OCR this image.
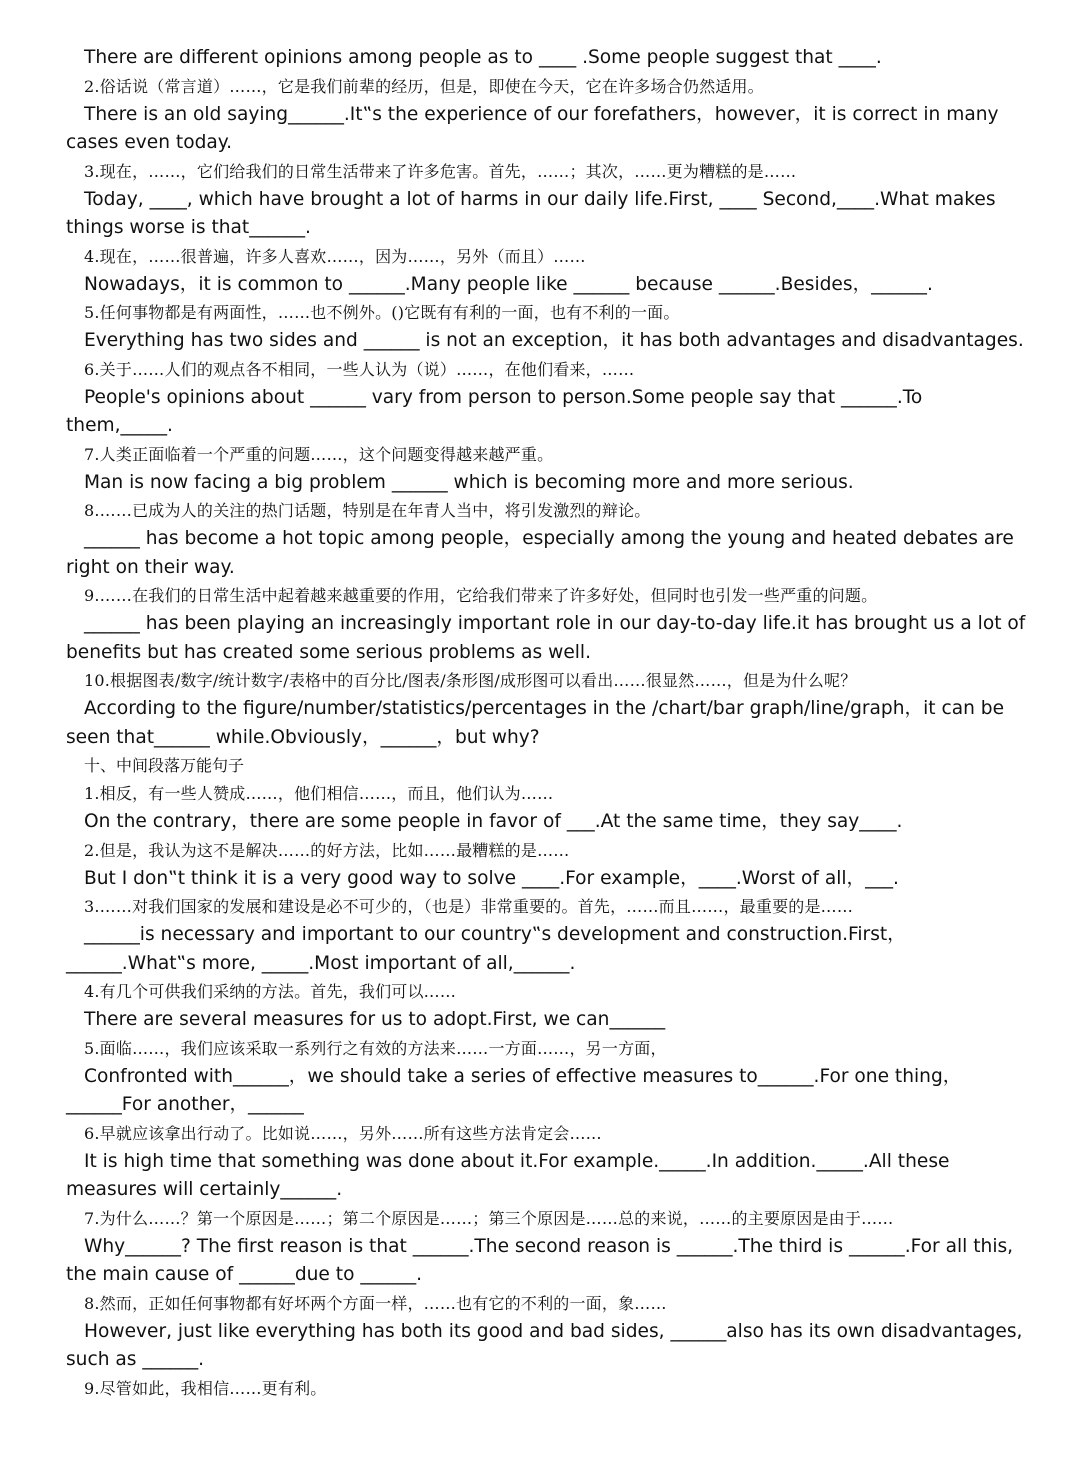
There are different opinions among people as to ____ .Some people suggest that ____.

2.俗话说（常言道）……，它是我们前辈的经历，但是，即使在今天，它在许多场合仍然适用。

There is an old saying______.It‟s the experience of our forefathers，however，it is correct in many cases even today.

3.现在，……，它们给我们的日常生活带来了许多危害。首先，……；其次，……更为糟糕的是……

Today, ____, which have brought a lot of harms in our daily life.First, ____ Second,____.What makes things worse is that______.

4.现在，……很普遍，许多人喜欢……，因为……，另外（而且）……

Nowadays，it is common to ______.Many people like ______ because ______.Besides，______.

5.任何事物都是有两面性，……也不例外。()它既有有利的一面，也有不利的一面。

Everything has two sides and ______ is not an exception，it has both advantages and disadvantages.

6.关于……人们的观点各不相同，一些人认为（说）……，在他们看来，……

People's opinions about ______ vary from person to person.Some people say that ______.To them,_____.

7.人类正面临着一个严重的问题……，这个问题变得越来越严重。

Man is now facing a big problem ______ which is becoming more and more serious.

8.……已成为人的关注的热门话题，特别是在年青人当中，将引发激烈的辩论。

______ has become a hot topic among people，especially among the young and heated debates are right on their way.

9.……在我们的日常生活中起着越来越重要的作用，它给我们带来了许多好处，但同时也引发一些严重的问题。

______ has been playing an increasingly important role in our day-to-day life.it has brought us a lot of benefits but has created some serious problems as well.

10.根据图表/数字/统计数字/表格中的百分比/图表/条形图/成形图可以看出……很显然……，但是为什么呢？

According to the figure/number/statistics/percentages in the /chart/bar graph/line/graph，it can be seen that______ while.Obviously，______，but why?

十、中间段落万能句子

1.相反，有一些人赞成……，他们相信……，而且，他们认为……

On the contrary，there are some people in favor of ___.At the same time，they say____.

2.但是，我认为这不是解决……的好方法，比如……最糟糕的是……

But I don‟t think it is a very good way to solve ____.For example，____.Worst of all，___.

3.……对我们国家的发展和建设是必不可少的，（也是）非常重要的。首先，……而且……，最重要的是……

______is necessary and important to our country‟s development and construction.First，______.What‟s more, _____.Most important of all,______.

4.有几个可供我们采纳的方法。首先，我们可以……

There are several measures for us to adopt.First, we can______

5.面临……，我们应该采取一系列行之有效的方法来……一方面……，另一方面，

Confronted with______，we should take a series of effective measures to______.For one thing，______For another，______

6.早就应该拿出行动了。比如说……，另外……所有这些方法肯定会……

It is high time that something was done about it.For example._____.In addition._____.All these measures will certainly______.

7.为什么……？第一个原因是……；第二个原因是……；第三个原因是……总的来说，……的主要原因是由于……

Why______? The first reason is that ______.The second reason is ______.The third is ______.For all this, the main cause of ______due to ______.

8.然而，正如任何事物都有好坏两个方面一样，……也有它的不利的一面，象……

However, just like everything has both its good and bad sides, ______also has its own disadvantages, such as ______.

9.尽管如此，我相信……更有利。
